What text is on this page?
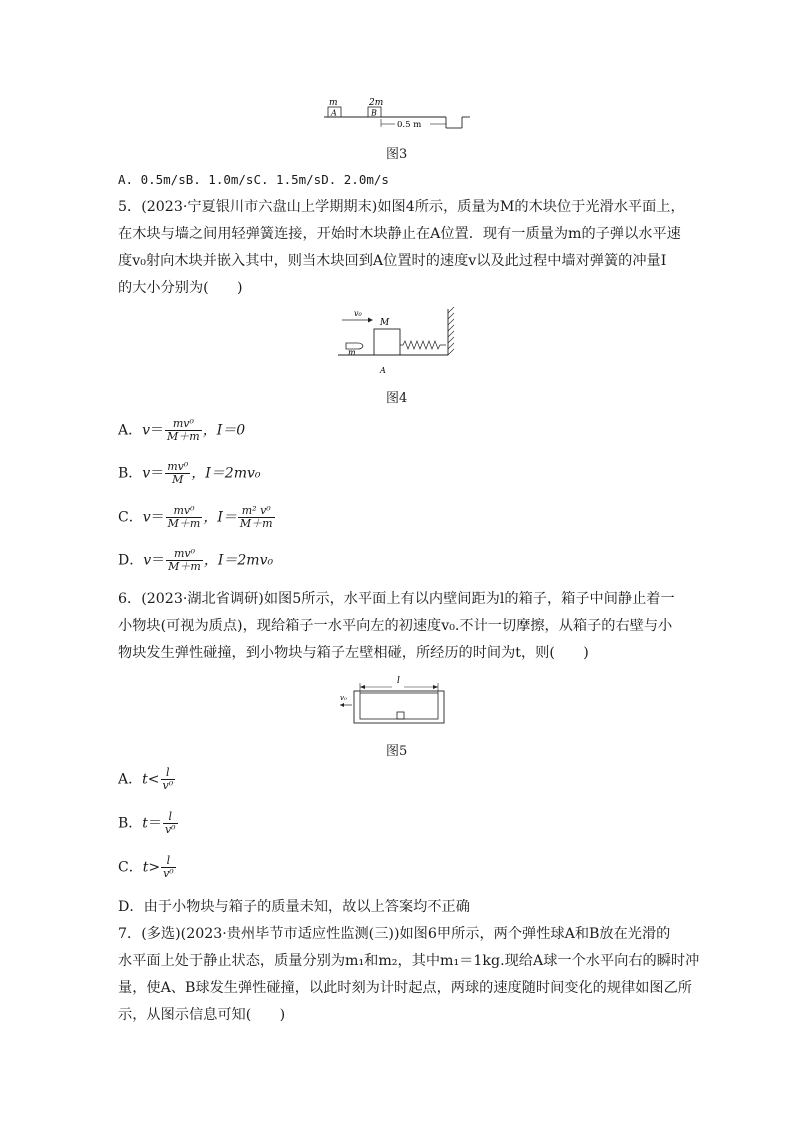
m	2m
A	B
0.5 m
图3
A. 0.5m/sB. 1.0m/sC. 1.5m/sD. 2.0m/s
5．(2023·宁夏银川市六盘山上学期期末)如图4所示，质量为M的木块位于光滑水平面上，
在木块与墙之间用轻弹簧连接，开始时木块静止在A位置．现有一质量为m的子弹以水平速
度v₀射向木块并嵌入其中，则当木块回到A位置时的速度v以及此过程中墙对弹簧的冲量I
的大小分别为(　　)
v₀
m
M
A
图4
A．$v= \frac{\text{mv⁰}}{M+m}$ ，I＝0
B．$v= \frac{\text{mv⁰}}{M}$ ，I＝2mv₀
C．$v= \frac{\text{mv⁰}}{M+m}$ ，$I= \frac{\text{m² v⁰}}{M+m}$
D．$v= \frac{\text{mv⁰}}{M+m}$ ，I＝2mv₀
6．(2023·湖北省调研)如图5所示，水平面上有以内壁间距为l的箱子，箱子中间静止着一
小物块(可视为质点)，现给箱子一水平向左的初速度v₀.不计一切摩擦，从箱子的右壁与小
物块发生弹性碰撞，到小物块与箱子左壁相碰，所经历的时间为t，则(　　)
l
v₀
图5
A．$t< \frac{l}{\text{v⁰}}$
B．$t= \frac{l}{\text{v⁰}}$
C．$t> \frac{l}{\text{v⁰}}$
D．由于小物块与箱子的质量未知，故以上答案均不正确
7．(多选)(2023·贵州毕节市适应性监测(三))如图6甲所示，两个弹性球A和B放在光滑的
水平面上处于静止状态，质量分别为m₁和m₂，其中m₁＝1kg.现给A球一个水平向右的瞬时冲
量，使A、B球发生弹性碰撞，以此时刻为计时起点，两球的速度随时间变化的规律如图乙所
示，从图示信息可知(　　)
